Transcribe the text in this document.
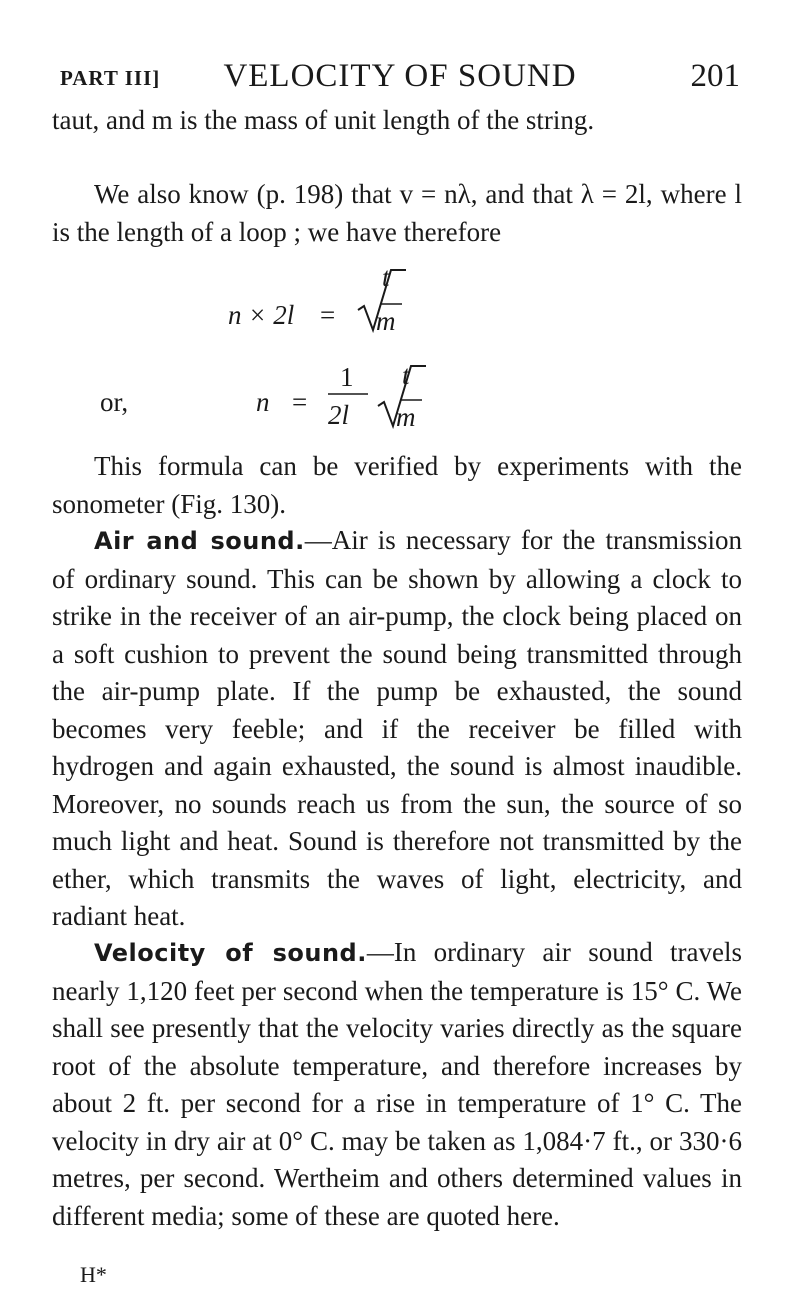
PART III]	VELOCITY OF SOUND	201
taut, and m is the mass of unit length of the string.
We also know (p. 198) that v = nλ, and that λ = 2l, where l is the length of a loop ; we have therefore
n × 2l =
t
m
or,	n =
1
2l
t
m
This formula can be verified by experiments with the sonometer (Fig. 130).
Air and sound.—Air is necessary for the transmission of ordinary sound. This can be shown by allowing a clock to strike in the receiver of an air-pump, the clock being placed on a soft cushion to prevent the sound being transmitted through the air-pump plate. If the pump be exhausted, the sound becomes very feeble; and if the receiver be filled with hydrogen and again exhausted, the sound is almost inaudible. Moreover, no sounds reach us from the sun, the source of so much light and heat. Sound is therefore not transmitted by the ether, which transmits the waves of light, electricity, and radiant heat.
Velocity of sound.—In ordinary air sound travels nearly 1,120 feet per second when the temperature is 15° C. We shall see presently that the velocity varies directly as the square root of the absolute temperature, and therefore increases by about 2 ft. per second for a rise in temperature of 1° C. The velocity in dry air at 0° C. may be taken as 1,084·7 ft., or 330·6 metres, per second. Wertheim and others determined values in different media; some of these are quoted here.
H*
